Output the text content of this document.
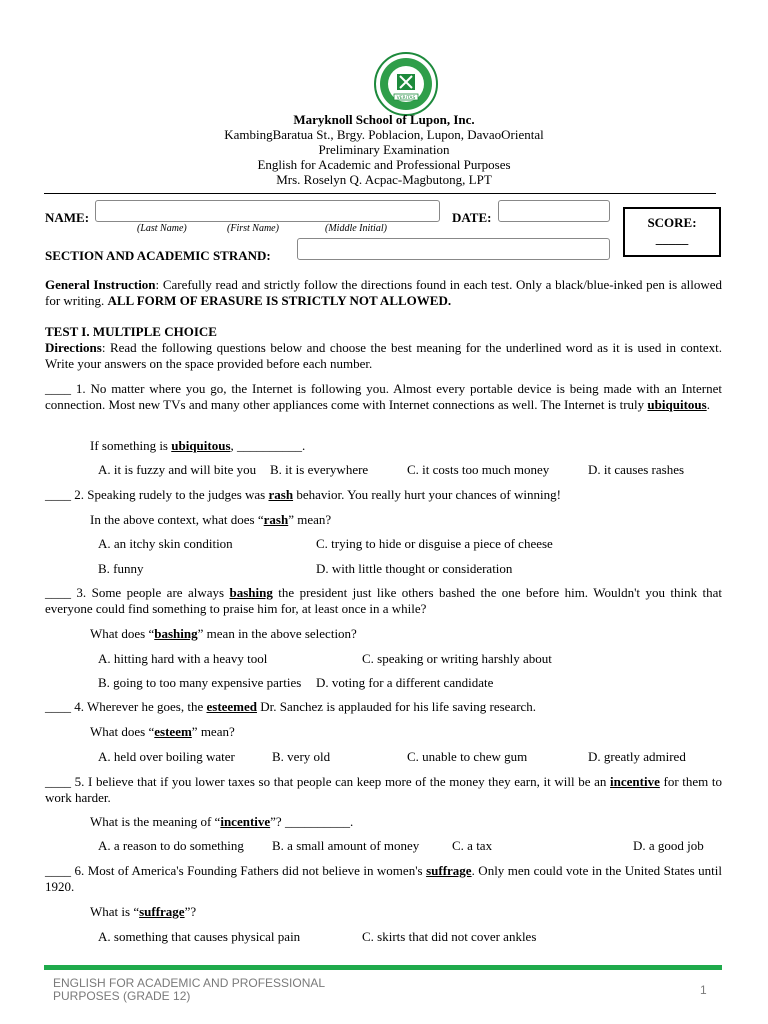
VERITAS
Maryknoll School of Lupon, Inc.
KambingBaratua St., Brgy. Poblacion, Lupon, DavaoOriental
Preliminary Examination
English for Academic and Professional Purposes
Mrs. Roselyn Q. Acpac-Magbutong, LPT
NAME:
(Last Name)	(First Name)	(Middle Initial)
DATE:	SCORE:
_____
SECTION AND ACADEMIC STRAND:
General Instruction: Carefully read and strictly follow the directions found in each test. Only a black/blue-inked pen is allowed for writing. ALL FORM OF ERASURE IS STRICTLY NOT ALLOWED.
TEST I. MULTIPLE CHOICE
Directions: Read the following questions below and choose the best meaning for the underlined word as it is used in context. Write your answers on the space provided before each number.
____ 1. No matter where you go, the Internet is following you. Almost every portable device is being made with an Internet connection. Most new TVs and many other appliances come with Internet connections as well. The Internet is truly ubiquitous.
If something is ubiquitous, __________.
A. it is fuzzy and will bite you B. it is everywhere	C. it costs too much money	D. it causes rashes
____ 2. Speaking rudely to the judges was rash behavior. You really hurt your chances of winning!
In the above context, what does “rash” mean?
A. an itchy skin condition	C. trying to hide or disguise a piece of cheese
B. funny	D. with little thought or consideration
____ 3. Some people are always bashing the president just like others bashed the one before him. Wouldn't you think that everyone could find something to praise him for, at least once in a while?
What does “bashing” mean in the above selection?
A. hitting hard with a heavy tool	C. speaking or writing harshly about
B. going to too many expensive parties D. voting for a different candidate
____ 4. Wherever he goes, the esteemed Dr. Sanchez is applauded for his life saving research.
What does “esteem” mean?
A. held over boiling water	B. very old	C. unable to chew gum	D. greatly admired
____ 5. I believe that if you lower taxes so that people can keep more of the money they earn, it will be an incentive for them to work harder.
What is the meaning of “incentive”? __________.
A. a reason to do something B. a small amount of money	C. a tax	D. a good job
____ 6. Most of America's Founding Fathers did not believe in women's suffrage. Only men could vote in the United States until 1920.
What is “suffrage”?
A. something that causes physical pain	C. skirts that did not cover ankles
ENGLISH FOR ACADEMIC AND PROFESSIONAL PURPOSES (GRADE 12)	1
